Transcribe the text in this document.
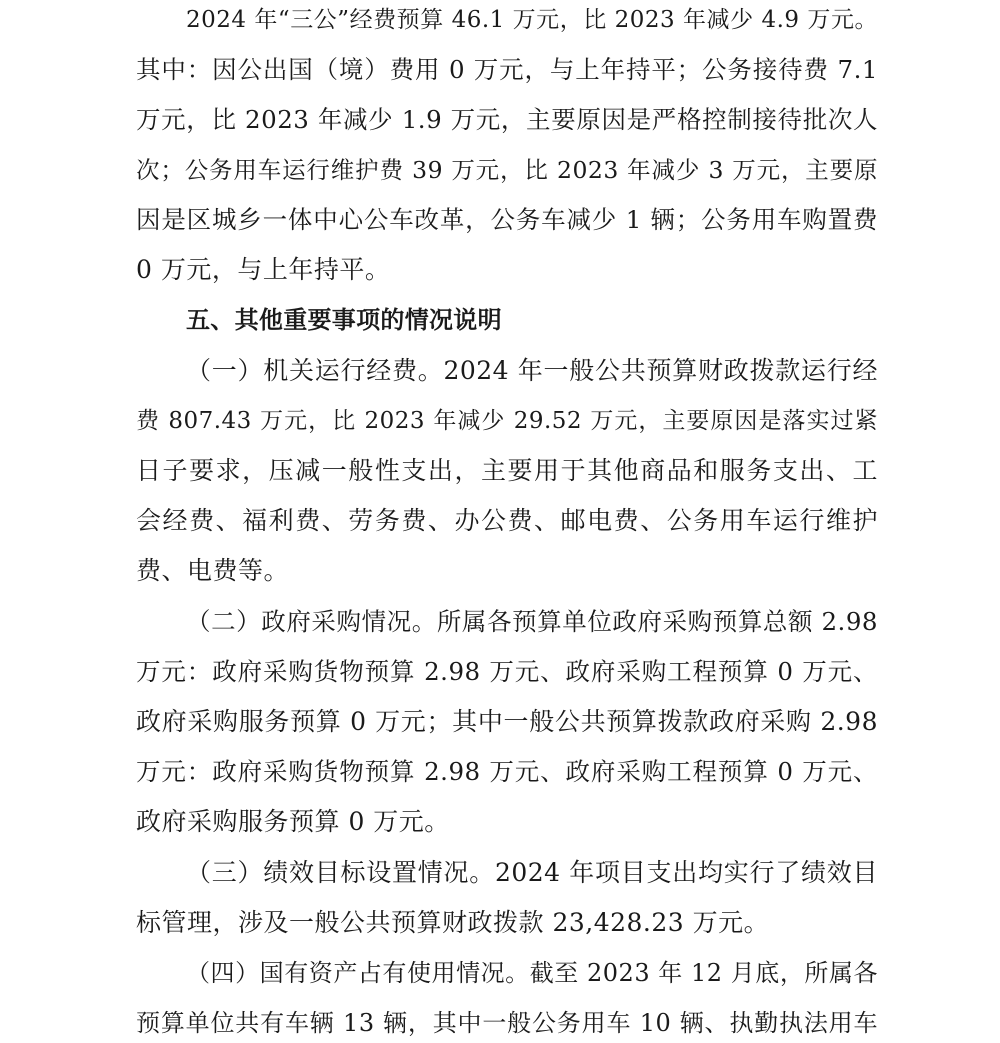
2024 年“三公”经费预算 46.1 万元，比 2023 年减少 4.9 万元。
其中：因公出国（境）费用 0 万元，与上年持平；公务接待费 7.1
万元，比 2023 年减少 1.9 万元，主要原因是严格控制接待批次人
次；公务用车运行维护费 39 万元，比 2023 年减少 3 万元，主要原
因是区城乡一体中心公车改革，公务车减少 1 辆；公务用车购置费
0 万元，与上年持平。
五、其他重要事项的情况说明
（一）机关运行经费。2024 年一般公共预算财政拨款运行经
费 807.43 万元，比 2023 年减少 29.52 万元，主要原因是落实过紧
日子要求，压减一般性支出，主要用于其他商品和服务支出、工
会经费、福利费、劳务费、办公费、邮电费、公务用车运行维护
费、电费等。
（二）政府采购情况。所属各预算单位政府采购预算总额 2.98
万元：政府采购货物预算 2.98 万元、政府采购工程预算 0 万元、
政府采购服务预算 0 万元；其中一般公共预算拨款政府采购 2.98
万元：政府采购货物预算 2.98 万元、政府采购工程预算 0 万元、
政府采购服务预算 0 万元。
（三）绩效目标设置情况。2024 年项目支出均实行了绩效目
标管理，涉及一般公共预算财政拨款 23,428.23 万元。
（四）国有资产占有使用情况。截至 2023 年 12 月底，所属各
预算单位共有车辆 13 辆，其中一般公务用车 10 辆、执勤执法用车
